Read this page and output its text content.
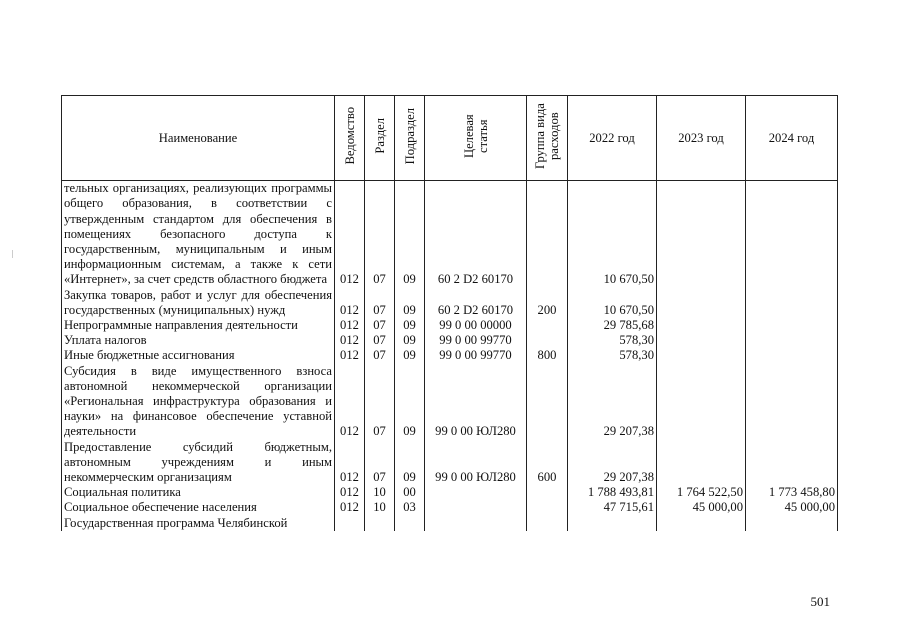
Наименование	Ведомство	Раздел	Подраздел	Целевая статья	Группа вида расходов	2022 год	2023 год	2024 год
тельных организациях, реализующих программы общего образования, в соответствии с утвержденным стандартом для обеспечения в помещениях безопасного доступа к государственным, муниципальным и иным информационным системам, а также к сети «Интернет», за счет средств областного бюджета	012	07	09	60 2 D2 60170		10 670,50		
Закупка товаров, работ и услуг для обеспечения государственных (муниципальных) нужд	012	07	09	60 2 D2 60170	200	10 670,50		
Непрограммные направления деятельности	012	07	09	99 0 00 00000		29 785,68		
Уплата налогов	012	07	09	99 0 00 99770		578,30		
Иные бюджетные ассигнования	012	07	09	99 0 00 99770	800	578,30		
Субсидия в виде имущественного взноса автономной некоммерческой организации «Региональная инфраструктура образования и науки» на финансовое обеспечение уставной деятельности	012	07	09	99 0 00 ЮЛ280		29 207,38		
Предоставление субсидий бюджетным, автономным учреждениям и иным некоммерческим организациям	012	07	09	99 0 00 ЮЛ280	600	29 207,38		
Социальная политика	012	10	00			1 788 493,81	1 764 522,50	1 773 458,80
Социальное обеспечение населения	012	10	03			47 715,61	45 000,00	45 000,00
Государственная программа Челябинской								
501
